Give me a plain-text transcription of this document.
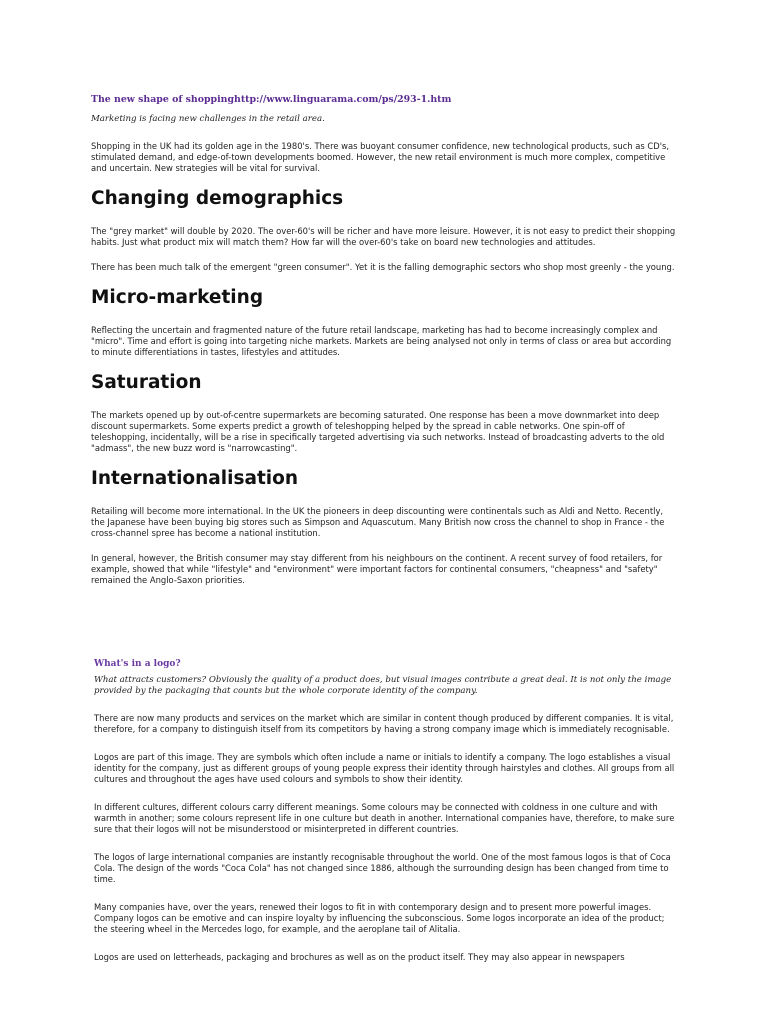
The new shape of shoppinghttp://www.linguarama.com/ps/293-1.htm
Marketing is facing new challenges in the retail area.

Shopping in the UK had its golden age in the 1980's. There was buoyant consumer confidence, new technological products, such as CD's, stimulated demand, and edge-of-town developments boomed. However, the new retail environment is much more complex, competitive and uncertain. New strategies will be vital for survival.

Changing demographics

The "grey market" will double by 2020. The over-60's will be richer and have more leisure. However, it is not easy to predict their shopping habits. Just what product mix will match them? How far will the over-60's take on board new technologies and attitudes.

There has been much talk of the emergent "green consumer". Yet it is the falling demographic sectors who shop most greenly - the young.

Micro-marketing

Reflecting the uncertain and fragmented nature of the future retail landscape, marketing has had to become increasingly complex and "micro". Time and effort is going into targeting niche markets. Markets are being analysed not only in terms of class or area but according to minute differentiations in tastes, lifestyles and attitudes.

Saturation

The markets opened up by out-of-centre supermarkets are becoming saturated. One response has been a move downmarket into deep discount supermarkets. Some experts predict a growth of teleshopping helped by the spread in cable networks. One spin-off of teleshopping, incidentally, will be a rise in specifically targeted advertising via such networks. Instead of broadcasting adverts to the old "admass", the new buzz word is "narrowcasting".

Internationalisation

Retailing will become more international. In the UK the pioneers in deep discounting were continentals such as Aldi and Netto. Recently, the Japanese have been buying big stores such as Simpson and Aquascutum. Many British now cross the channel to shop in France - the cross-channel spree has become a national institution.

In general, however, the British consumer may stay different from his neighbours on the continent. A recent survey of food retailers, for example, showed that while "lifestyle" and "environment" were important factors for continental consumers, "cheapness" and "safety" remained the Anglo-Saxon priorities.

What's in a logo?
What attracts customers? Obviously the quality of a product does, but visual images contribute a great deal. It is not only the image provided by the packaging that counts but the whole corporate identity of the company.

There are now many products and services on the market which are similar in content though produced by different companies. It is vital, therefore, for a company to distinguish itself from its competitors by having a strong company image which is immediately recognisable.

Logos are part of this image. They are symbols which often include a name or initials to identify a company. The logo establishes a visual identity for the company, just as different groups of young people express their identity through hairstyles and clothes. All groups from all cultures and throughout the ages have used colours and symbols to show their identity.

In different cultures, different colours carry different meanings. Some colours may be connected with coldness in one culture and with warmth in another; some colours represent life in one culture but death in another. International companies have, therefore, to make sure sure that their logos will not be misunderstood or misinterpreted in different countries.

The logos of large international companies are instantly recognisable throughout the world. One of the most famous logos is that of Coca Cola. The design of the words "Coca Cola" has not changed since 1886, although the surrounding design has been changed from time to time.

Many companies have, over the years, renewed their logos to fit in with contemporary design and to present more powerful images. Company logos can be emotive and can inspire loyalty by influencing the subconscious. Some logos incorporate an idea of the product; the steering wheel in the Mercedes logo, for example, and the aeroplane tail of Alitalia.

Logos are used on letterheads, packaging and brochures as well as on the product itself. They may also appear in newspapers
